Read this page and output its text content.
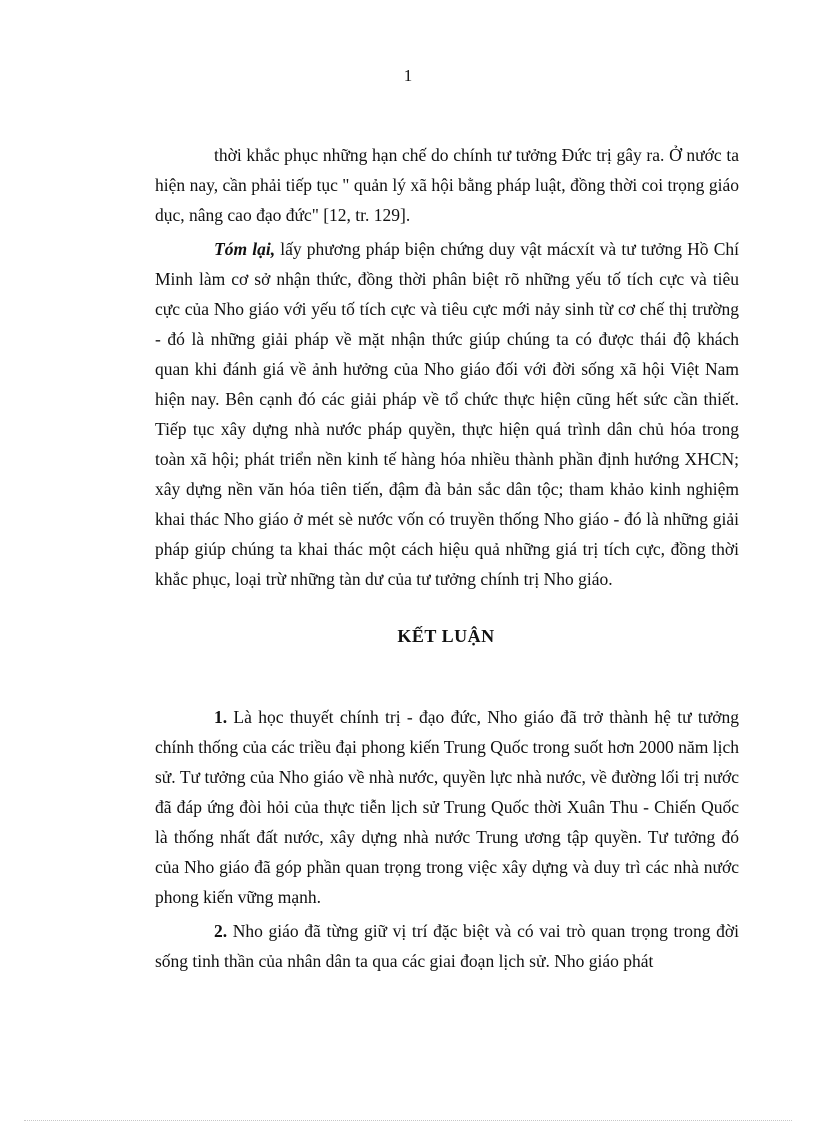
1

thời khắc phục những hạn chế do chính tư tưởng Đức trị gây ra. Ở nước ta hiện nay, cần phải tiếp tục " quản lý xã hội bằng pháp luật, đồng thời coi trọng giáo dục, nâng cao đạo đức" [12, tr. 129].

Tóm lại, lấy phương pháp biện chứng duy vật mácxít và tư tưởng Hồ Chí Minh làm cơ sở nhận thức, đồng thời phân biệt rõ những yếu tố tích cực và tiêu cực của Nho giáo với yếu tố tích cực và tiêu cực mới nảy sinh từ cơ chế thị trường - đó là những giải pháp về mặt nhận thức giúp chúng ta có được thái độ khách quan khi đánh giá về ảnh hưởng của Nho giáo đối với đời sống xã hội Việt Nam hiện nay. Bên cạnh đó các giải pháp về tổ chức thực hiện cũng hết sức cần thiết. Tiếp tục xây dựng nhà nước pháp quyền, thực hiện quá trình dân chủ hóa trong toàn xã hội; phát triển nền kinh tế hàng hóa nhiều thành phần định hướng XHCN; xây dựng nền văn hóa tiên tiến, đậm đà bản sắc dân tộc; tham khảo kinh nghiệm khai thác Nho giáo ở mét sè nước vốn có truyền thống Nho giáo - đó là những giải pháp giúp chúng ta khai thác một cách hiệu quả những giá trị tích cực, đồng thời khắc phục, loại trừ những tàn dư của tư tưởng chính trị Nho giáo.

KẾT LUẬN

1. Là học thuyết chính trị - đạo đức, Nho giáo đã trở thành hệ tư tưởng chính thống của các triều đại phong kiến Trung Quốc trong suốt hơn 2000 năm lịch sử. Tư tưởng của Nho giáo về nhà nước, quyền lực nhà nước, về đường lối trị nước đã đáp ứng đòi hỏi của thực tiễn lịch sử Trung Quốc thời Xuân Thu - Chiến Quốc là thống nhất đất nước, xây dựng nhà nước Trung ương tập quyền. Tư tưởng đó của Nho giáo đã góp phần quan trọng trong việc xây dựng và duy trì các nhà nước phong kiến vững mạnh.

2. Nho giáo đã từng giữ vị trí đặc biệt và có vai trò quan trọng trong đời sống tinh thần của nhân dân ta qua các giai đoạn lịch sử. Nho giáo phát
